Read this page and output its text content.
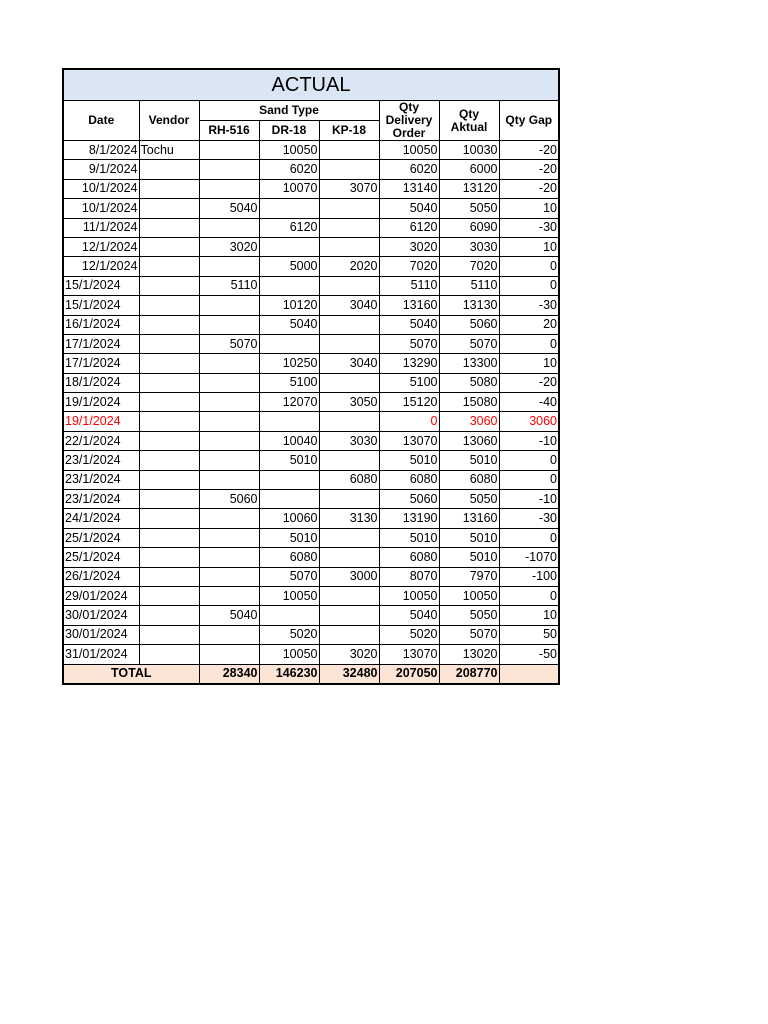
ACTUAL							
Date	Vendor	Sand Type			Qty Delivery Order	Qty Aktual	Qty Gap
		RH-516	DR-18	KP-18			
8/1/2024	Tochu		10050		10050	10030	-20
9/1/2024			6020		6020	6000	-20
10/1/2024			10070	3070	13140	13120	-20
10/1/2024		5040			5040	5050	10
11/1/2024			6120		6120	6090	-30
12/1/2024		3020			3020	3030	10
12/1/2024			5000	2020	7020	7020	0
15/1/2024		5110			5110	5110	0
15/1/2024			10120	3040	13160	13130	-30
16/1/2024			5040		5040	5060	20
17/1/2024		5070			5070	5070	0
17/1/2024			10250	3040	13290	13300	10
18/1/2024			5100		5100	5080	-20
19/1/2024			12070	3050	15120	15080	-40
19/1/2024					0	3060	3060
22/1/2024			10040	3030	13070	13060	-10
23/1/2024			5010		5010	5010	0
23/1/2024				6080	6080	6080	0
23/1/2024		5060			5060	5050	-10
24/1/2024			10060	3130	13190	13160	-30
25/1/2024			5010		5010	5010	0
25/1/2024			6080		6080	5010	-1070
26/1/2024			5070	3000	8070	7970	-100
29/01/2024			10050		10050	10050	0
30/01/2024		5040			5040	5050	10
30/01/2024			5020		5020	5070	50
31/01/2024			10050	3020	13070	13020	-50
TOTAL		28340	146230	32480	207050	208770	
